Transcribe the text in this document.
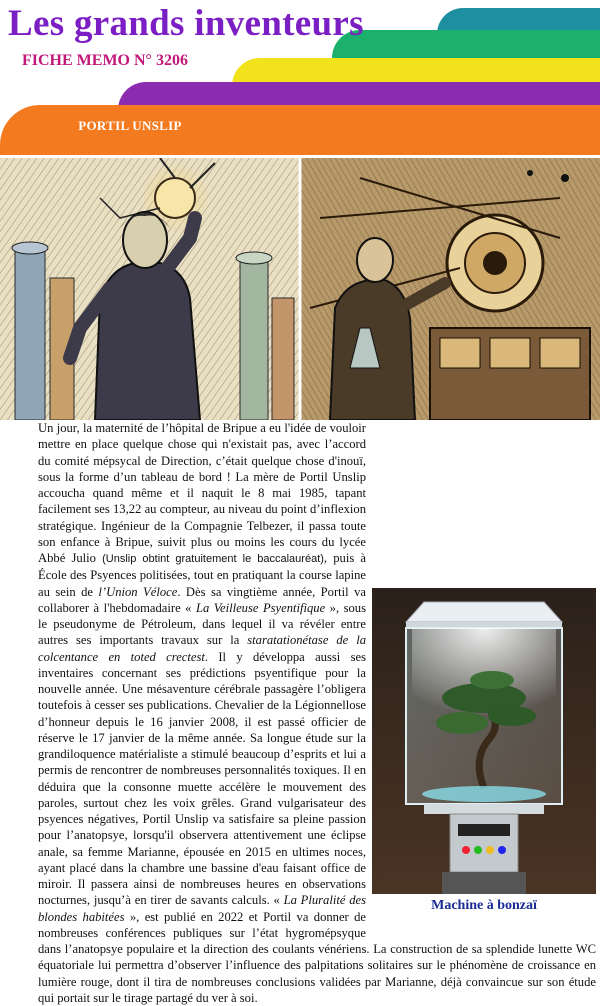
Les grands inventeurs
FICHE MEMO N° 3206
PORTIL UNSLIP
Machine à bonzaï

Un jour, la maternité de l’hôpital de Bripue a eu l'idée de vouloir mettre en place quelque chose qui n'existait pas, avec l’accord du comité mépsycal de Direction, c’était quelque chose d'inouï, sous la forme d’un tableau de bord ! La mère de Portil Unslip accoucha quand même et il naquit le 8 mai 1985, tapant facilement ses 13,22 au compteur, au niveau du point d’inflexion stratégique. Ingénieur de la Compagnie Telbezer, il passa toute son enfance à Bripue, suivit plus ou moins les cours du lycée Abbé Julio (Unslip obtint gratuitement le baccalauréat), puis à École des Psyences politisées, tout en pratiquant la course lapine au sein de l’Union Véloce. Dès sa vingtième année, Portil va collaborer à l'hebdomadaire « La Veilleuse Psyentifique », sous le pseudonyme de Pétroleum, dans lequel il va révéler entre autres ses importants travaux sur la staratationétase de la colcentance en toted crectest. Il y développa aussi ses inventaires concernant ses prédictions psyentifique pour la nouvelle année. Une mésaventure cérébrale passagère l’obligera toutefois à cesser ses publications. Chevalier de la Légionnellose d’honneur depuis le 16 janvier 2008, il est passé officier de réserve le 17 janvier de la même année. Sa longue étude sur la grandiloquence matérialiste a stimulé beaucoup d’esprits et lui a permis de rencontrer de nombreuses personnalités toxiques. Il en déduira que la consonne muette accélère le mouvement des paroles, surtout chez les voix grêles. Grand vulgarisateur des psyences négatives, Portil Unslip va satisfaire sa pleine passion pour l’anatopsye, lorsqu'il observera attentivement une éclipse anale, sa femme Marianne, épousée en 2015 en ultimes noces, ayant placé dans la chambre une bassine d'eau faisant office de miroir. Il passera ainsi de nombreuses heures en observations nocturnes, jusqu’à en tirer de savants calculs. « La Pluralité des blondes habitées », est publié en 2022 et Portil va donner de nombreuses conférences publiques sur l’état hygromépsyque dans l’anatopsye populaire et la direction des coulants vénériens. La construction de sa splendide lunette WC équatoriale lui permettra d’observer l’influence des palpitations solitaires sur le phénomène de croissance en lumière rouge, dont il tira de nombreuses conclusions validées par Marianne, déjà convaincue sur son étude qui portait sur le tirage partagé du ver à soi.
